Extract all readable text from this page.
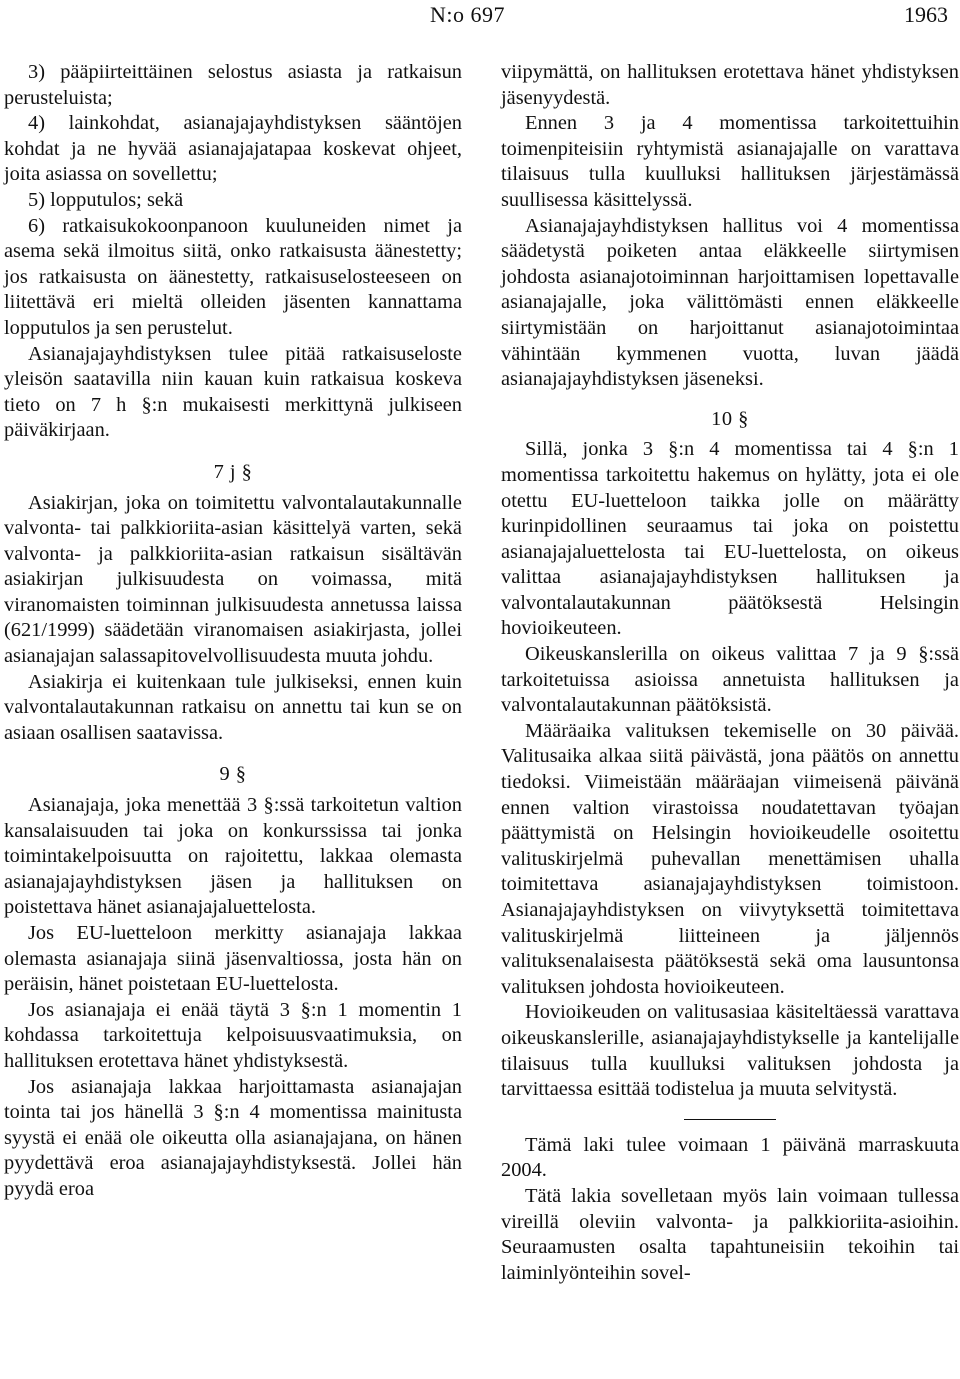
N:o 697	1963

3) pääpiirteittäinen selostus asiasta ja ratkaisun perusteluista;

4) lainkohdat, asianajajayhdistyksen sääntöjen kohdat ja ne hyvää asianajajatapaa koskevat ohjeet, joita asiassa on sovellettu;

5) lopputulos; sekä

6) ratkaisukokoonpanoon kuuluneiden nimet ja asema sekä ilmoitus siitä, onko ratkaisusta äänestetty; jos ratkaisusta on äänestetty, ratkaisuselosteeseen on liitettävä eri mieltä olleiden jäsenten kannattama lopputulos ja sen perustelut.

Asianajajayhdistyksen tulee pitää ratkaisuseloste yleisön saatavilla niin kauan kuin ratkaisua koskeva tieto on 7 h §:n mukaisesti merkittynä julkiseen päiväkirjaan.

7 j §

Asiakirjan, joka on toimitettu valvontalautakunnalle valvonta- tai palkkioriita-asian käsittelyä varten, sekä valvonta- ja palkkioriita-asian ratkaisun sisältävän asiakirjan julkisuudesta on voimassa, mitä viranomaisten toiminnan julkisuudesta annetussa laissa (621/1999) säädetään viranomaisen asiakirjasta, jollei asianajajan salassapitovelvollisuudesta muuta johdu.

Asiakirja ei kuitenkaan tule julkiseksi, ennen kuin valvontalautakunnan ratkaisu on annettu tai kun se on asiaan osallisen saatavissa.

9 §

Asianajaja, joka menettää 3 §:ssä tarkoitetun valtion kansalaisuuden tai joka on konkurssissa tai jonka toimintakelpoisuutta on rajoitettu, lakkaa olemasta asianajajayhdistyksen jäsen ja hallituksen on poistettava hänet asianajajaluettelosta.

Jos EU-luetteloon merkitty asianajaja lakkaa olemasta asianajaja siinä jäsenvaltiossa, josta hän on peräisin, hänet poistetaan EU-luettelosta.

Jos asianajaja ei enää täytä 3 §:n 1 momentin 1 kohdassa tarkoitettuja kelpoisuusvaatimuksia, on hallituksen erotettava hänet yhdistyksestä.

Jos asianajaja lakkaa harjoittamasta asianajajan tointa tai jos hänellä 3 §:n 4 momentissa mainitusta syystä ei enää ole oikeutta olla asianajajana, on hänen pyydettävä eroa asianajajayhdistyksestä. Jollei hän pyydä eroa

viipymättä, on hallituksen erotettava hänet yhdistyksen jäsenyydestä.

Ennen 3 ja 4 momentissa tarkoitettuihin toimenpiteisiin ryhtymistä asianajajalle on varattava tilaisuus tulla kuulluksi hallituksen järjestämässä suullisessa käsittelyssä.

Asianajajayhdistyksen hallitus voi 4 momentissa säädetystä poiketen antaa eläkkeelle siirtymisen johdosta asianajotoiminnan harjoittamisen lopettavalle asianajajalle, joka välittömästi ennen eläkkeelle siirtymistään on harjoittanut asianajotoimintaa vähintään kymmenen vuotta, luvan jäädä asianajajayhdistyksen jäseneksi.

10 §

Sillä, jonka 3 §:n 4 momentissa tai 4 §:n 1 momentissa tarkoitettu hakemus on hylätty, jota ei ole otettu EU-luetteloon taikka jolle on määrätty kurinpidollinen seuraamus tai joka on poistettu asianajajaluettelosta tai EU-luettelosta, on oikeus valittaa asianajajayhdistyksen hallituksen ja valvontalautakunnan päätöksestä Helsingin hovioikeuteen.

Oikeuskanslerilla on oikeus valittaa 7 ja 9 §:ssä tarkoitetuissa asioissa annetuista hallituksen ja valvontalautakunnan päätöksistä.

Määräaika valituksen tekemiselle on 30 päivää. Valitusaika alkaa siitä päivästä, jona päätös on annettu tiedoksi. Viimeistään määräajan viimeisenä päivänä ennen valtion virastoissa noudatettavan työajan päättymistä on Helsingin hovioikeudelle osoitettu valituskirjelmä puhevallan menettämisen uhalla toimitettava asianajajayhdistyksen toimistoon. Asianajajayhdistyksen on viivytyksettä toimitettava valituskirjelmä liitteineen ja jäljennös valituksenalaisesta päätöksestä sekä oma lausuntonsa valituksen johdosta hovioikeuteen.

Hovioikeuden on valitusasiaa käsiteltäessä varattava oikeuskanslerille, asianajajayhdistykselle ja kantelijalle tilaisuus tulla kuulluksi valituksen johdosta ja tarvittaessa esittää todistelua ja muuta selvitystä.

Tämä laki tulee voimaan 1 päivänä marraskuuta 2004.

Tätä lakia sovelletaan myös lain voimaan tullessa vireillä oleviin valvonta- ja palkkioriita-asioihin. Seuraamusten osalta tapahtuneisiin tekoihin tai laiminlyönteihin sovel-
